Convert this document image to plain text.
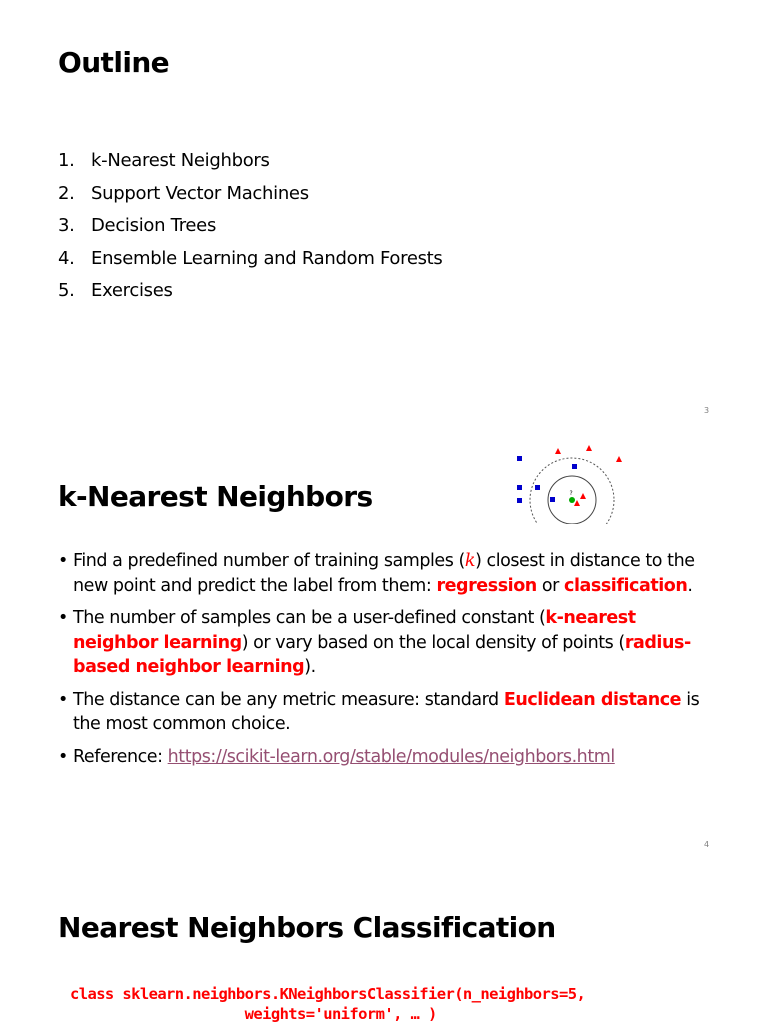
Outline
1. k-Nearest Neighbors
2. Support Vector Machines
3. Decision Trees
4. Ensemble Learning and Random Forests
5. Exercises
3
k-Nearest Neighbors	?
• Find a predefined number of training samples (k) closest in distance to the new point and predict the label from them: regression or classification.
• The number of samples can be a user-defined constant (k-nearest neighbor learning) or vary based on the local density of points (radius-based neighbor learning).
• The distance can be any metric measure: standard Euclidean distance is the most common choice.
• Reference: https://scikit-learn.org/stable/modules/neighbors.html
4
Nearest Neighbors Classification
class sklearn.neighbors.KNeighborsClassifier(n_neighbors=5,
weights='uniform', … )
